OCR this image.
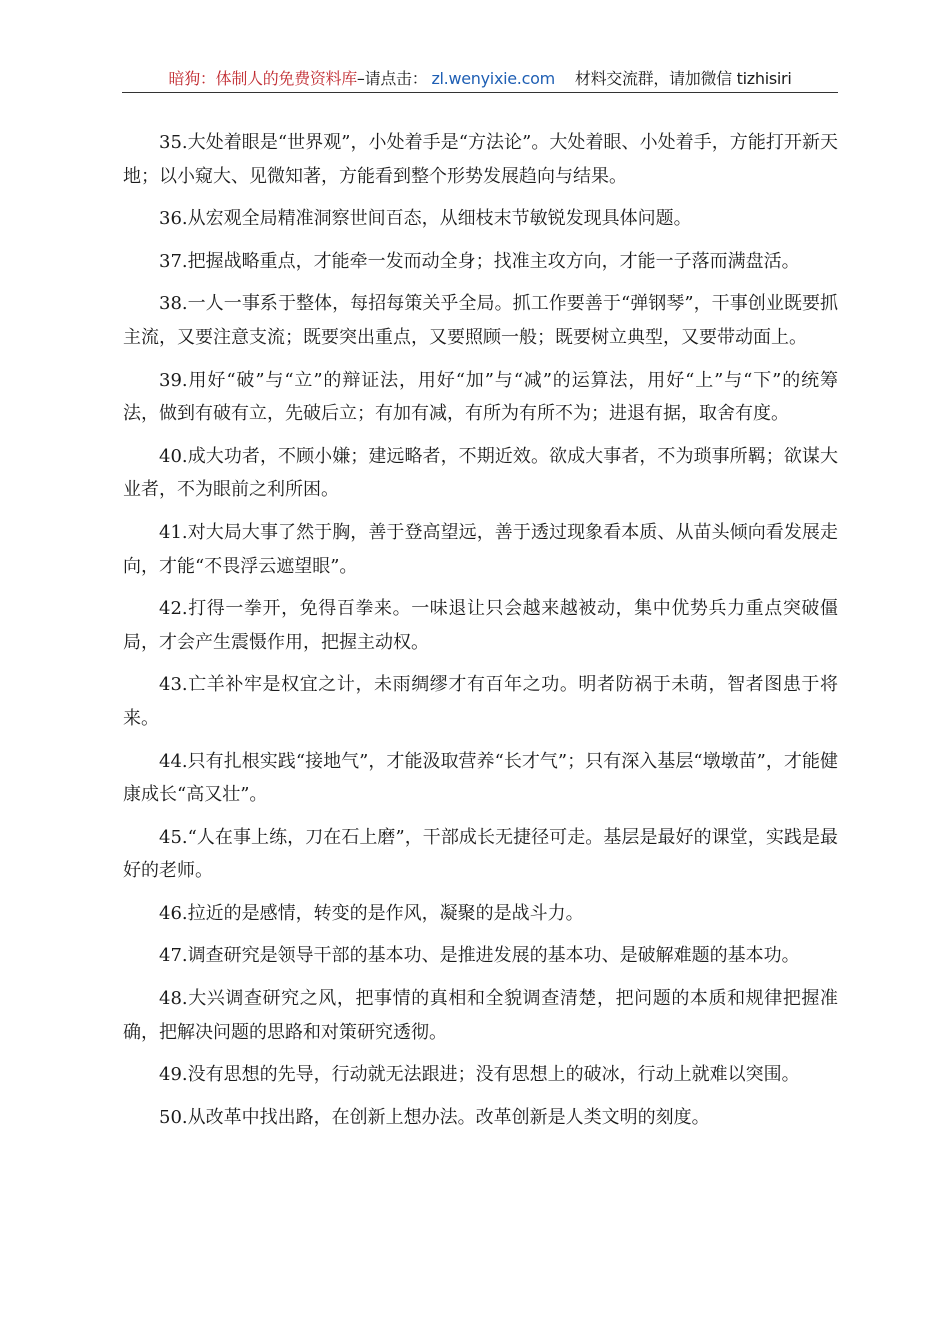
暗狗：体制人的免费资料库–请点击： zl.wenyixie.com 材料交流群，请加微信 tizhisiri

35.大处着眼是“世界观”，小处着手是“方法论”。大处着眼、小处着手，方能打开新天地；以小窥大、见微知著，方能看到整个形势发展趋向与结果。

36.从宏观全局精准洞察世间百态，从细枝末节敏锐发现具体问题。

37.把握战略重点，才能牵一发而动全身；找准主攻方向，才能一子落而满盘活。

38.一人一事系于整体，每招每策关乎全局。抓工作要善于“弹钢琴”，干事创业既要抓主流，又要注意支流；既要突出重点，又要照顾一般；既要树立典型，又要带动面上。

39.用好“破”与“立”的辩证法，用好“加”与“减”的运算法，用好“上”与“下”的统筹法，做到有破有立，先破后立；有加有减，有所为有所不为；进退有据，取舍有度。

40.成大功者，不顾小嫌；建远略者，不期近效。欲成大事者，不为琐事所羁；欲谋大业者，不为眼前之利所困。

41.对大局大事了然于胸，善于登高望远，善于透过现象看本质、从苗头倾向看发展走向，才能“不畏浮云遮望眼”。

42.打得一拳开，免得百拳来。一味退让只会越来越被动，集中优势兵力重点突破僵局，才会产生震慑作用，把握主动权。

43.亡羊补牢是权宜之计，未雨绸缪才有百年之功。明者防祸于未萌，智者图患于将来。

44.只有扎根实践“接地气”，才能汲取营养“长才气”；只有深入基层“墩墩苗”，才能健康成长“高又壮”。

45.“人在事上练，刀在石上磨”，干部成长无捷径可走。基层是最好的课堂，实践是最好的老师。

46.拉近的是感情，转变的是作风，凝聚的是战斗力。

47.调查研究是领导干部的基本功、是推进发展的基本功、是破解难题的基本功。

48.大兴调查研究之风，把事情的真相和全貌调查清楚，把问题的本质和规律把握准确，把解决问题的思路和对策研究透彻。

49.没有思想的先导，行动就无法跟进；没有思想上的破冰，行动上就难以突围。

50.从改革中找出路，在创新上想办法。改革创新是人类文明的刻度。
